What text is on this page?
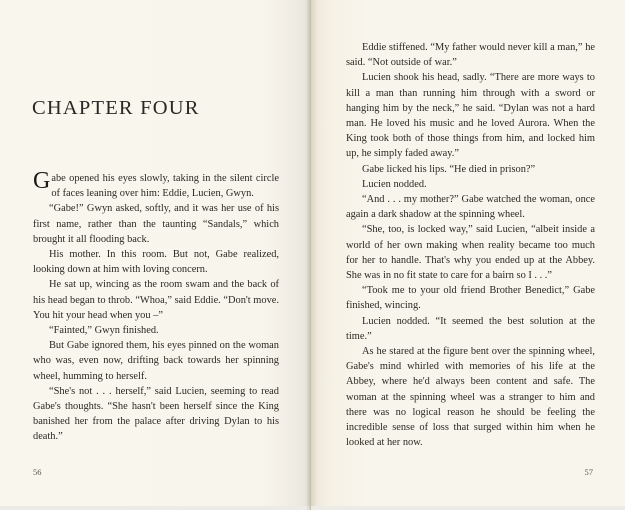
CHAPTER FOUR

Gabe opened his eyes slowly, taking in the silent circle of faces leaning over him: Eddie, Lucien, Gwyn.

“Gabe!” Gwyn asked, softly, and it was her use of his first name, rather than the taunting “Sandals,” which brought it all flooding back.

His mother. In this room. But not, Gabe realized, looking down at him with loving concern.

He sat up, wincing as the room swam and the back of his head began to throb. “Whoa,” said Eddie. “Don't move. You hit your head when you –”

“Fainted,” Gwyn finished.

But Gabe ignored them, his eyes pinned on the woman who was, even now, drifting back towards her spinning wheel, humming to herself.

“She's not . . . herself,” said Lucien, seeming to read Gabe's thoughts. “She hasn't been herself since the King banished her from the palace after driving Dylan to his death.”

56

Eddie stiffened. “My father would never kill a man,” he said. “Not outside of war.”

Lucien shook his head, sadly. “There are more ways to kill a man than running him through with a sword or hanging him by the neck,” he said. “Dylan was not a hard man. He loved his music and he loved Aurora. When the King took both of those things from him, and locked him up, he simply faded away.”

Gabe licked his lips. “He died in prison?”

Lucien nodded.

“And . . . my mother?” Gabe watched the woman, once again a dark shadow at the spinning wheel.

“She, too, is locked way,” said Lucien, “albeit inside a world of her own making when reality became too much for her to handle. That's why you ended up at the Abbey. She was in no fit state to care for a bairn so I . . .”

“Took me to your old friend Brother Benedict,” Gabe finished, wincing.

Lucien nodded. “It seemed the best solution at the time.”

As he stared at the figure bent over the spinning wheel, Gabe's mind whirled with memories of his life at the Abbey, where he'd always been content and safe. The woman at the spinning wheel was a stranger to him and there was no logical reason he should be feeling the incredible sense of loss that surged within him when he looked at her now.

57
